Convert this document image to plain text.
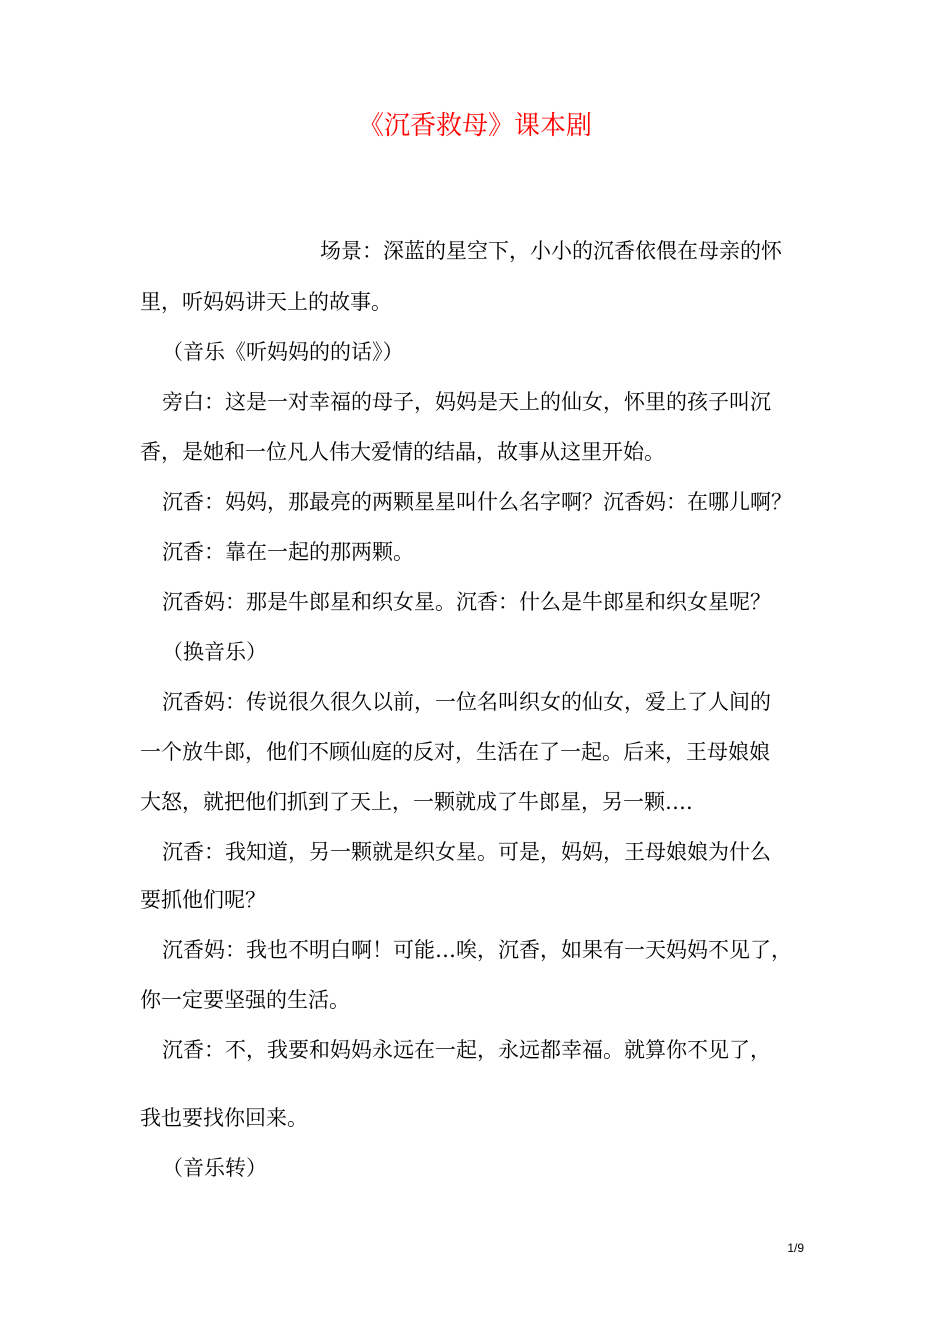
《沉香救母》课本剧
场景：深蓝的星空下，小小的沉香依偎在母亲的怀
里，听妈妈讲天上的故事。
（音乐《听妈妈的的话》）
旁白：这是一对幸福的母子，妈妈是天上的仙女，怀里的孩子叫沉
香，是她和一位凡人伟大爱情的结晶，故事从这里开始。
沉香：妈妈，那最亮的两颗星星叫什么名字啊？沉香妈：在哪儿啊？
沉香：靠在一起的那两颗。
沉香妈：那是牛郎星和织女星。沉香：什么是牛郎星和织女星呢？
（换音乐）
沉香妈：传说很久很久以前，一位名叫织女的仙女，爱上了人间的
一个放牛郎，他们不顾仙庭的反对，生活在了一起。后来，王母娘娘
大怒，就把他们抓到了天上，一颗就成了牛郎星，另一颗….
沉香：我知道，另一颗就是织女星。可是，妈妈，王母娘娘为什么
要抓他们呢？
沉香妈：我也不明白啊！可能…唉，沉香，如果有一天妈妈不见了，
你一定要坚强的生活。
沉香：不，我要和妈妈永远在一起，永远都幸福。就算你不见了，
我也要找你回来。
（音乐转）
1/9
